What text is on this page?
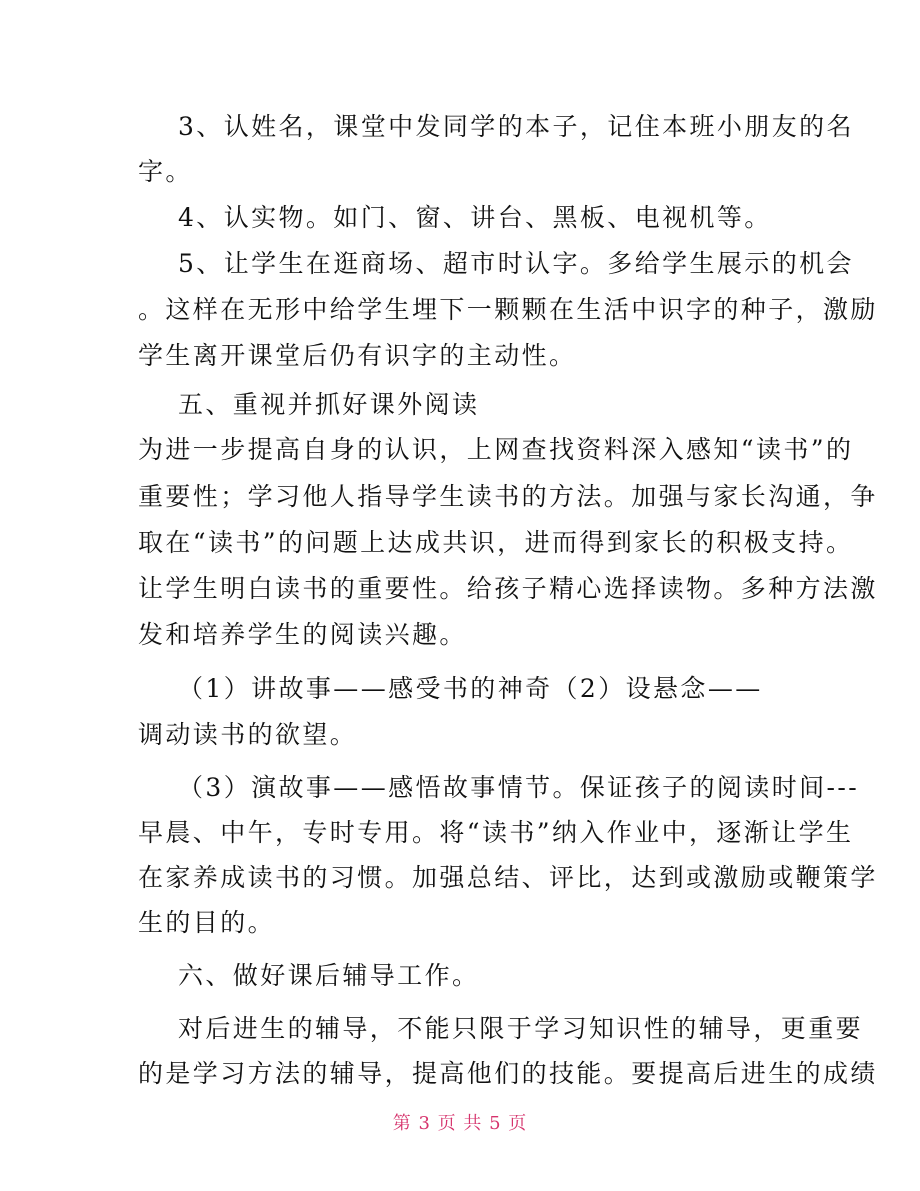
3、认姓名，课堂中发同学的本子，记住本班小朋友的名
字。
4、认实物。如门、窗、讲台、黑板、电视机等。
5、让学生在逛商场、超市时认字。多给学生展示的机会
。这样在无形中给学生埋下一颗颗在生活中识字的种子，激励
学生离开课堂后仍有识字的主动性。
五、重视并抓好课外阅读
为进一步提高自身的认识，上网查找资料深入感知“读书”的
重要性；学习他人指导学生读书的方法。加强与家长沟通，争
取在“读书”的问题上达成共识，进而得到家长的积极支持。
让学生明白读书的重要性。给孩子精心选择读物。多种方法激
发和培养学生的阅读兴趣。
（1）讲故事——感受书的神奇（2）设悬念——
调动读书的欲望。
（3）演故事——感悟故事情节。保证孩子的阅读时间---
早晨、中午，专时专用。将“读书”纳入作业中，逐渐让学生
在家养成读书的习惯。加强总结、评比，达到或激励或鞭策学
生的目的。
六、做好课后辅导工作。
对后进生的辅导，不能只限于学习知识性的辅导，更重要
的是学习方法的辅导，提高他们的技能。要提高后进生的成绩
第 3 页 共 5 页
